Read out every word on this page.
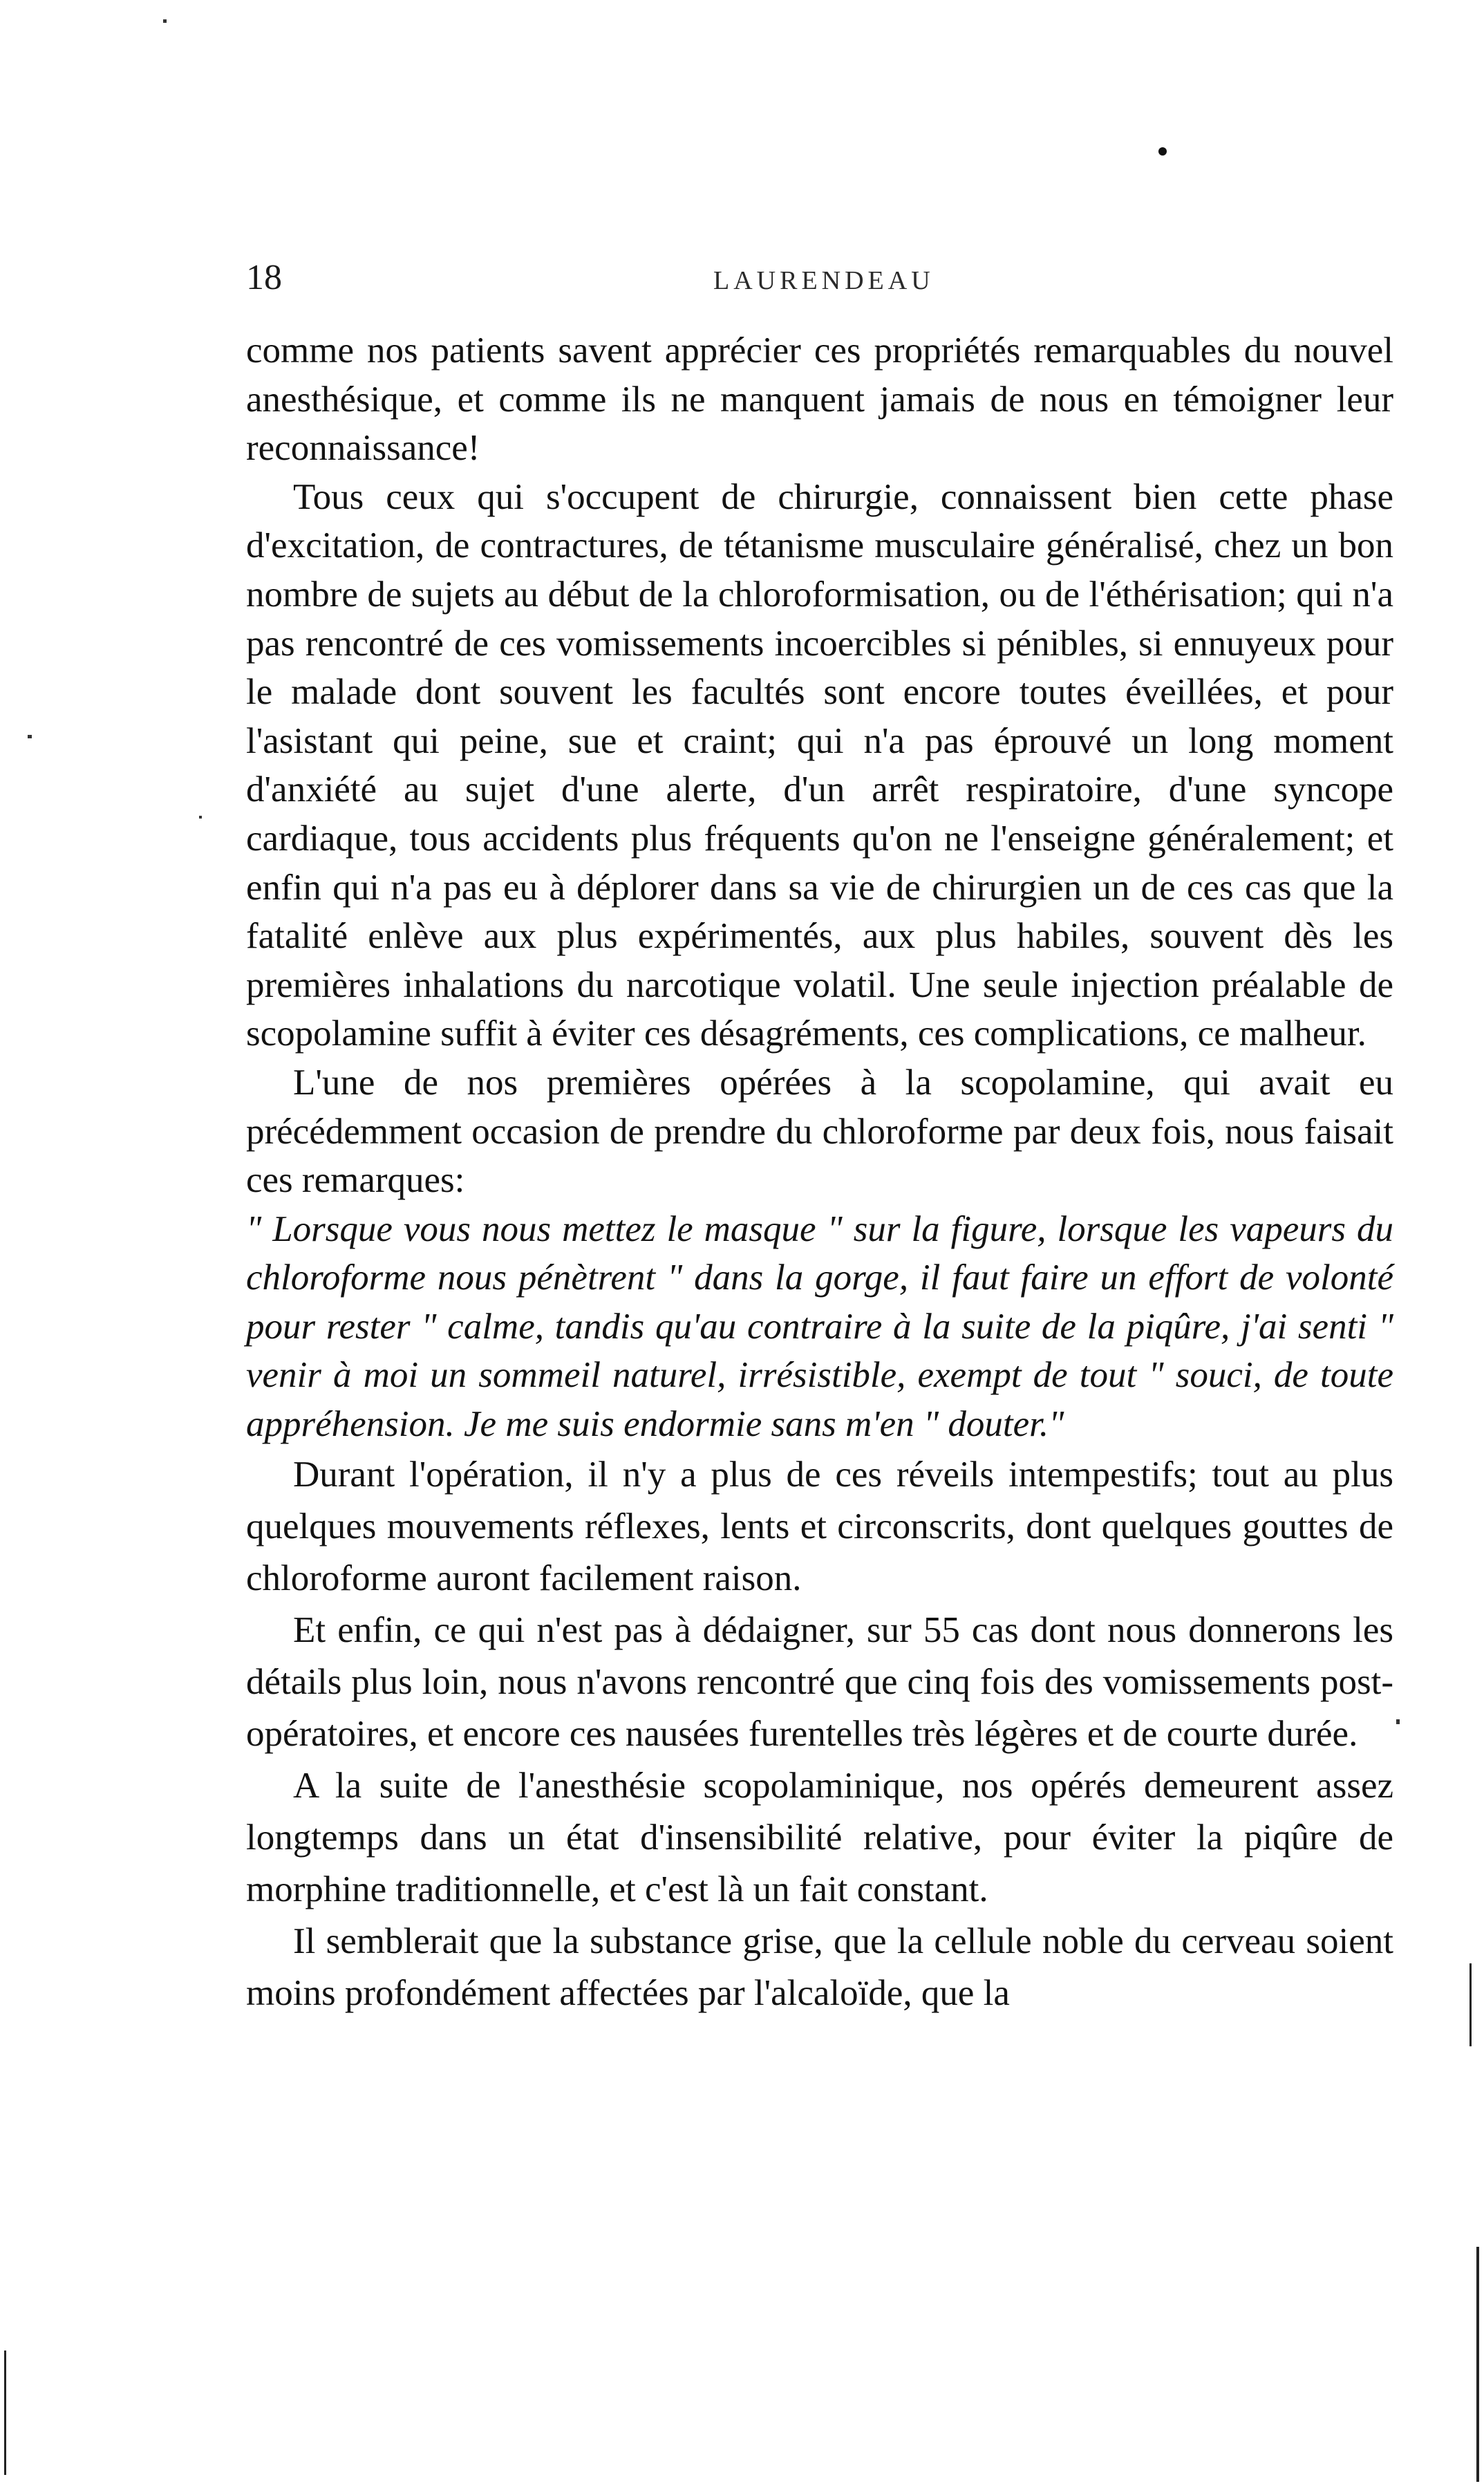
18	LAURENDEAU

comme nos patients savent apprécier ces propriétés remarquables du nouvel anesthésique, et comme ils ne manquent jamais de nous en témoigner leur reconnaissance!

Tous ceux qui s'occupent de chirurgie, connaissent bien cette phase d'excitation, de contractures, de tétanisme musculaire généralisé, chez un bon nombre de sujets au début de la chloroformisation, ou de l'éthérisation; qui n'a pas rencontré de ces vomissements incoercibles si pénibles, si ennuyeux pour le malade dont souvent les facultés sont encore toutes éveillées, et pour l'asistant qui peine, sue et craint; qui n'a pas éprouvé un long moment d'anxiété au sujet d'une alerte, d'un arrêt respiratoire, d'une syncope cardiaque, tous accidents plus fréquents qu'on ne l'enseigne généralement; et enfin qui n'a pas eu à déplorer dans sa vie de chirurgien un de ces cas que la fatalité enlève aux plus expérimentés, aux plus habiles, souvent dès les premières inhalations du narcotique volatil. Une seule injection préalable de scopolamine suffit à éviter ces désagréments, ces complications, ce malheur.

L'une de nos premières opérées à la scopolamine, qui avait eu précédemment occasion de prendre du chloroforme par deux fois, nous faisait ces remarques:

" Lorsque vous nous mettez le masque " sur la figure, lorsque les vapeurs du chloroforme nous pénètrent " dans la gorge, il faut faire un effort de volonté pour rester " calme, tandis qu'au contraire à la suite de la piqûre, j'ai senti " venir à moi un sommeil naturel, irrésistible, exempt de tout " souci, de toute appréhension. Je me suis endormie sans m'en " douter."

Durant l'opération, il n'y a plus de ces réveils intempestifs; tout au plus quelques mouvements réflexes, lents et circonscrits, dont quelques gouttes de chloroforme auront facilement raison.

Et enfin, ce qui n'est pas à dédaigner, sur 55 cas dont nous donnerons les détails plus loin, nous n'avons rencontré que cinq fois des vomissements post-opératoires, et encore ces nausées furentelles très légères et de courte durée.

A la suite de l'anesthésie scopolaminique, nos opérés demeurent assez longtemps dans un état d'insensibilité relative, pour éviter la piqûre de morphine traditionnelle, et c'est là un fait constant.

Il semblerait que la substance grise, que la cellule noble du cerveau soient moins profondément affectées par l'alcaloïde, que la
